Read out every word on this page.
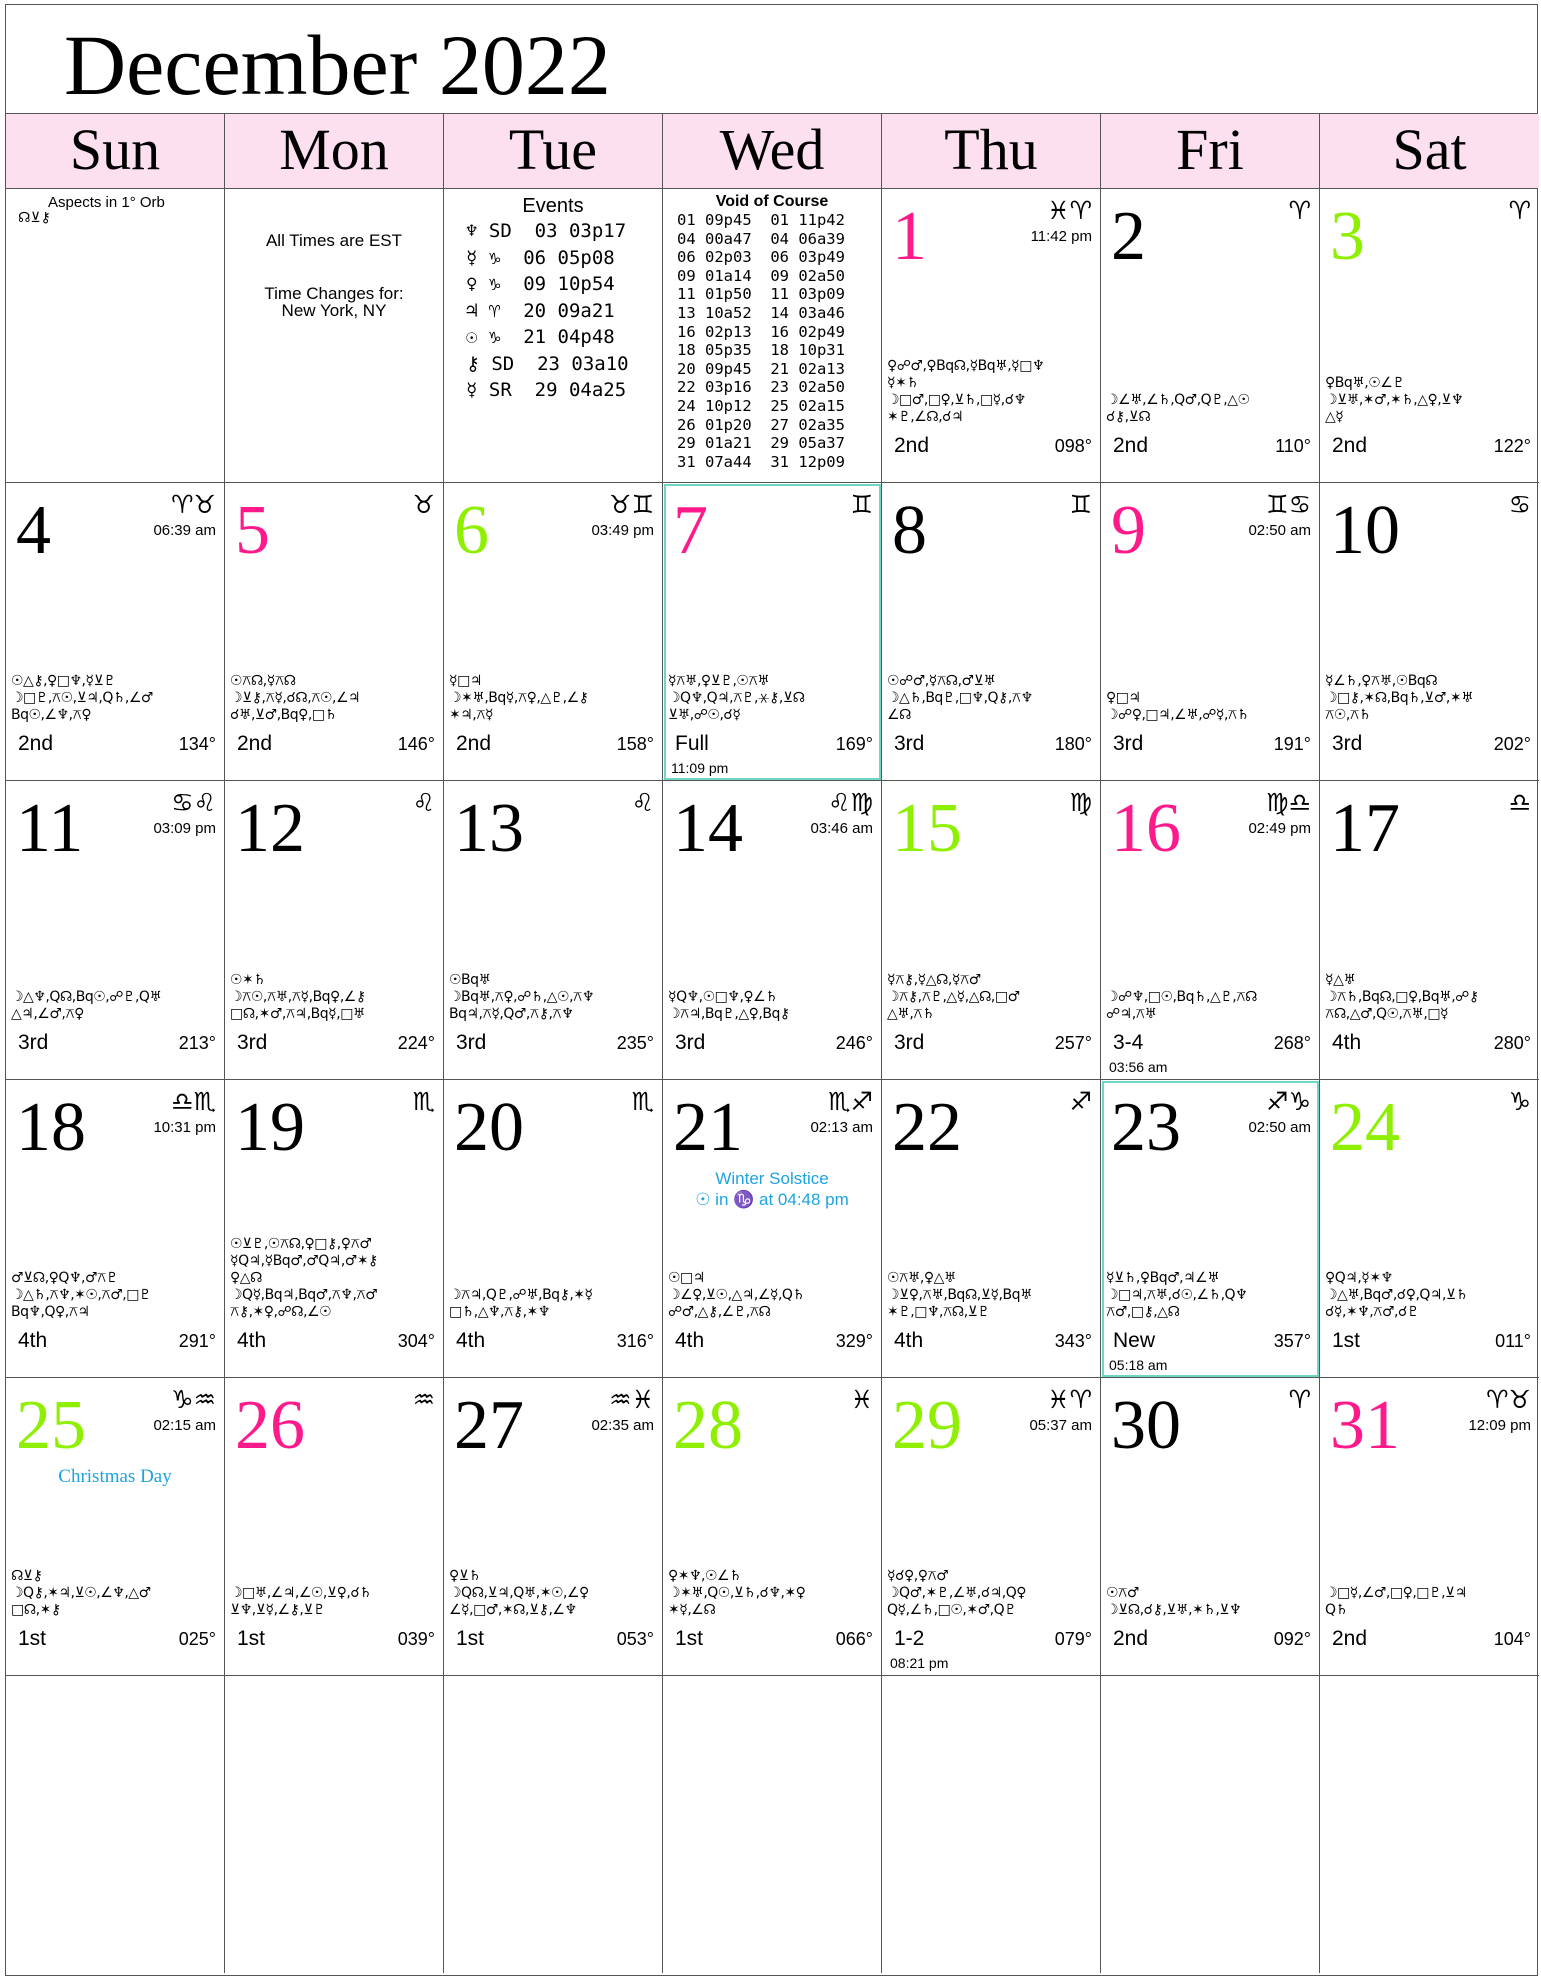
December 2022
Sun	Mon	Tue	Wed	Thu	Fri	Sat
Aspects in 1° Orb
☊⊻⚷
All Times are EST
Time Changes for:
New York, NY
Events
♆ SD  03 03p17
☿ ♑  06 05p08
♀ ♑  09 10p54
♃ ♈  20 09a21
☉ ♑  21 04p48
⚷ SD  23 03a10
☿ SR  29 04a25
Void of Course
01 09p45  01 11p42
04 00a47  04 06a39
06 02p03  06 03p49
09 01a14  09 02a50
11 01p50  11 03p09
13 10a52  14 03a46
16 02p13  16 02p49
18 05p35  18 10p31
20 09p45  21 02a13
22 03p16  23 02a50
24 10p12  25 02a15
26 01p20  27 02a35
29 01a21  29 05a37
31 07a44  31 12p09
1	♓♈
11:42 pm
♀☍♂,♀Bq☊,☿Bq♅,☿□♆
☿✶♄
☽□♂,□♀,⊻♄,□☿,☌♆
✶♇,∠☊,☌♃
2nd	098°
2	♈
☽∠♅,∠♄,Q♂,Q♇,△☉
☌⚷,⊻☊
2nd	110°
3	♈
♀Bq♅,☉∠♇
☽⊻♅,✶♂,✶♄,△♀,⊻♆
△☿
2nd	122°
4	♈♉
06:39 am
☉△⚷,♀□♆,☿⊻♇
☽□♇,⚻☉,⊻♃,Q♄,∠♂
Bq☉,∠♆,⚻♀
2nd	134°
5	♉
☉⚻☊,☿⚻☊
☽⊻⚷,⚻☿,☌☊,⚻☉,∠♃
☌♅,⊻♂,Bq♀,□♄
2nd	146°
6	♉♊
03:49 pm
☿□♃
☽✶♅,Bq☿,⚻♀,△♇,∠⚷
✶♃,⚻☿
2nd	158°
7	♊
☿⚻♅,♀⊻♇,☉⚻♅
☽Q♆,Q♃,⚻♇,⚹⚷,⊻☊
⊻♅,☍☉,☌☿
Full	169°
11:09 pm
8	♊
☉☍♂,☿⚻☊,♂⊻♅
☽△♄,Bq♇,□♆,Q⚷,⚻♆
∠☊
3rd	180°
9	♊♋
02:50 am
♀□♃
☽☍♀,□♃,∠♅,☍☿,⚻♄
3rd	191°
10	♋
☿∠♄,♀⚻♅,☉Bq☊
☽□⚷,✶☊,Bq♄,⊻♂,✶♅
⚻☉,⚻♄
3rd	202°
11	♋♌
03:09 pm
☽△♆,Q☊,Bq☉,☍♇,Q♅
△♃,∠♂,⚻♀
3rd	213°
12	♌
☉✶♄
☽⚻☉,⚻♅,⚻☿,Bq♀,∠⚷
□☊,✶♂,⚻♃,Bq☿,□♅
3rd	224°
13	♌
☉Bq♅
☽Bq♅,⚻♀,☍♄,△☉,⚻♆
Bq♃,⚻☿,Q♂,⚻⚷,⚻♆
3rd	235°
14	♌♍
03:46 am
☿Q♆,☉□♆,♀∠♄
☽⚻♃,Bq♇,△♀,Bq⚷
3rd	246°
15	♍
☿⚻⚷,☿△☊,☿⚻♂
☽⚻⚷,⚻♇,△☿,△☊,□♂
△♅,⚻♄
3rd	257°
16	♍♎
02:49 pm
☽☍♆,□☉,Bq♄,△♇,⚻☊
☍♃,⚻♅
3-4	268°
03:56 am
17	♎
☿△♅
☽⚻♄,Bq☊,□♀,Bq♅,☍⚷
⚻☊,△♂,Q☉,⚻♅,□☿
4th	280°
18	♎♏
10:31 pm
♂⊻☊,♀Q♆,♂⚻♇
☽△♄,⚻♆,✶☉,⚻♂,□♇
Bq♆,Q♀,⚻♃
4th	291°
19	♏
☉⊻♇,☉⚻☊,♀□⚷,♀⚻♂
☿Q♃,☿Bq♂,♂Q♃,♂✶⚷
♀△☊
☽Q☿,Bq♃,Bq♂,⚻♆,⚻♂
⚻⚷,✶♀,☍☊,∠☉
4th	304°
20	♏
☽⚻♃,Q♇,☍♅,Bq⚷,✶☿
□♄,△♆,⚻⚷,✶♆
4th	316°
21	♏♐
02:13 am
Winter Solstice
☉ in ♑ at 04:48 pm
☉□♃
☽∠♀,⊻☉,△♃,∠☿,Q♄
☍♂,△⚷,∠♇,⚻☊
4th	329°
22	♐
☉⚻♅,♀△♅
☽⊻♀,⚻♅,Bq☊,⊻☿,Bq♅
✶♇,□♆,⚻☊,⊻♇
4th	343°
23	♐♑
02:50 am
☿⊻♄,♀Bq♂,♃∠♅
☽□♃,⚻♅,☌☉,∠♄,Q♆
⚻♂,□⚷,△☊
New	357°
05:18 am
24	♑
♀Q♃,☿✶♆
☽△♅,Bq♂,☌♀,Q♃,⊻♄
☌☿,✶♆,⚻♂,☌♇
1st	011°
25	♑♒
02:15 am
Christmas Day
☊⊻⚷
☽Q⚷,✶♃,⊻☉,∠♆,△♂
□☊,✶⚷
1st	025°
26	♒
☽□♅,∠♃,∠☉,⊻♀,☌♄
⊻♆,⊻☿,∠⚷,⊻♇
1st	039°
27	♒♓
02:35 am
♀⊻♄
☽Q☊,⊻♃,Q♅,✶☉,∠♀
∠☿,□♂,✶☊,⊻⚷,∠♆
1st	053°
28	♓
♀✶♆,☉∠♄
☽✶♅,Q☉,⊻♄,☌♆,✶♀
✶☿,∠☊
1st	066°
29	♓♈
05:37 am
☿☌♀,♀⚻♂
☽Q♂,✶♇,∠♅,☌♃,Q♀
Q☿,∠♄,□☉,✶♂,Q♇
1-2	079°
08:21 pm
30	♈
☉⚻♂
☽⊻☊,☌⚷,⊻♅,✶♄,⊻♆
2nd	092°
31	♈♉
12:09 pm
☽□☿,∠♂,□♀,□♇,⊻♃
Q♄
2nd	104°
